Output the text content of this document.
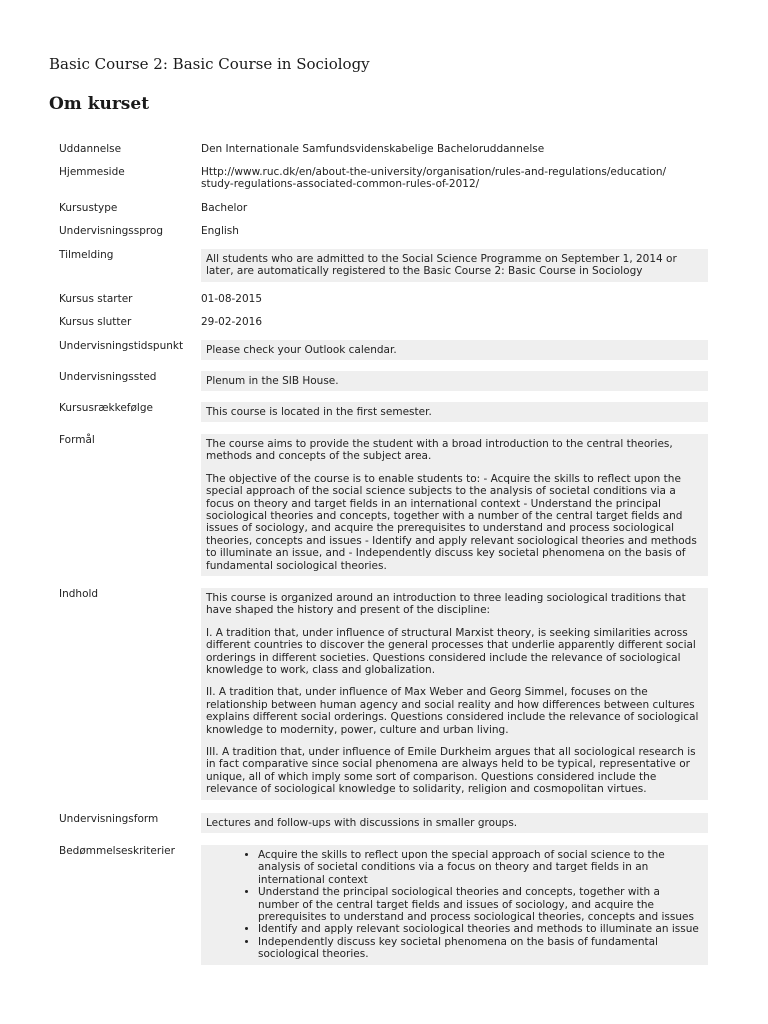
Basic Course 2: Basic Course in Sociology
Om kurset
Uddannelse	Den Internationale Samfundsvidenskabelige Bacheloruddannelse
Hjemmeside	Http://www.ruc.dk/en/about-the-university/organisation/rules-and-regulations/education/
study-regulations-associated-common-rules-of-2012/
Kursustype	Bachelor
Undervisningssprog	English
Tilmelding	All students who are admitted to the Social Science Programme on September 1, 2014 or later, are automatically registered to the Basic Course 2: Basic Course in Sociology

Kursus starter	01-08-2015
Kursus slutter	29-02-2016
Undervisningstidspunkt Please check your Outlook calendar.

Undervisningssted	Plenum in the SIB House.

Kursusrækkefølge	This course is located in the first semester.

Formål	The course aims to provide the student with a broad introduction to the central theories, methods and concepts of the subject area.

The objective of the course is to enable students to: - Acquire the skills to reflect upon the special approach of the social science subjects to the analysis of societal conditions via a focus on theory and target fields in an international context - Understand the principal sociological theories and concepts, together with a number of the central target fields and issues of sociology, and acquire the prerequisites to understand and process sociological theories, concepts and issues - Identify and apply relevant sociological theories and methods to illuminate an issue, and - Independently discuss key societal phenomena on the basis of fundamental sociological theories.

Indhold	This course is organized around an introduction to three leading sociological traditions that have shaped the history and present of the discipline:

I. A tradition that, under influence of structural Marxist theory, is seeking similarities across different countries to discover the general processes that underlie apparently different social orderings in different societies. Questions considered include the relevance of sociological knowledge to work, class and globalization.

II. A tradition that, under influence of Max Weber and Georg Simmel, focuses on the relationship between human agency and social reality and how differences between cultures explains different social orderings. Questions considered include the relevance of sociological knowledge to modernity, power, culture and urban living.

III. A tradition that, under influence of Emile Durkheim argues that all sociological research is in fact comparative since social phenomena are always held to be typical, representative or unique, all of which imply some sort of comparison. Questions considered include the relevance of sociological knowledge to solidarity, religion and cosmopolitan virtues.

Undervisningsform	Lectures and follow-ups with discussions in smaller groups.

Bedømmelseskriterier
•	Acquire the skills to reflect upon the special approach of social science to the analysis of societal conditions via a focus on theory and target fields in an international context
• Understand the principal sociological theories and concepts, together with a number of the central target fields and issues of sociology, and acquire the prerequisites to understand and process sociological theories, concepts and issues
• Identify and apply relevant sociological theories and methods to illuminate an issue
• Independently discuss key societal phenomena on the basis of fundamental sociological theories.
